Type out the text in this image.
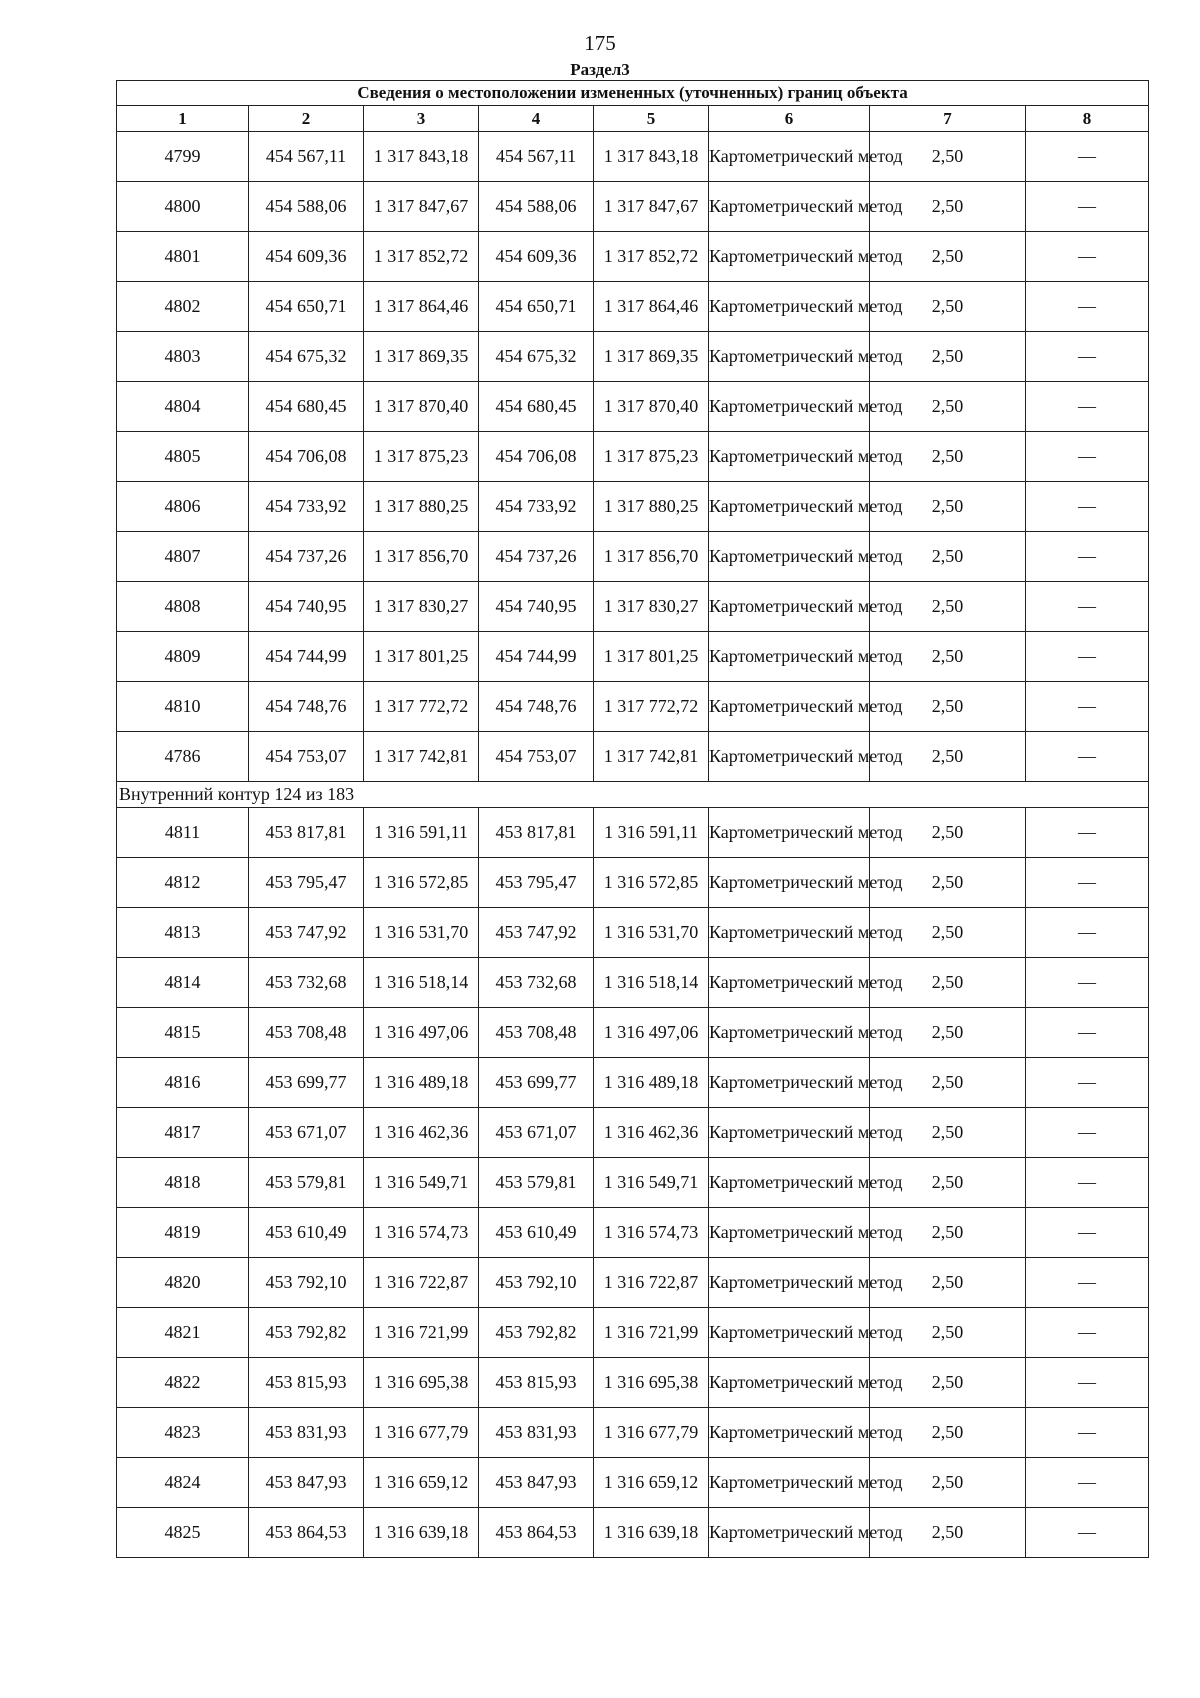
175
Раздел3
Сведения о местоположении измененных (уточненных) границ объекта							
1	2	3	4	5	6	7	8
4799	454 567,11	1 317 843,18	454 567,11	1 317 843,18	Картометрический метод	2,50	—
4800	454 588,06	1 317 847,67	454 588,06	1 317 847,67	Картометрический метод	2,50	—
4801	454 609,36	1 317 852,72	454 609,36	1 317 852,72	Картометрический метод	2,50	—
4802	454 650,71	1 317 864,46	454 650,71	1 317 864,46	Картометрический метод	2,50	—
4803	454 675,32	1 317 869,35	454 675,32	1 317 869,35	Картометрический метод	2,50	—
4804	454 680,45	1 317 870,40	454 680,45	1 317 870,40	Картометрический метод	2,50	—
4805	454 706,08	1 317 875,23	454 706,08	1 317 875,23	Картометрический метод	2,50	—
4806	454 733,92	1 317 880,25	454 733,92	1 317 880,25	Картометрический метод	2,50	—
4807	454 737,26	1 317 856,70	454 737,26	1 317 856,70	Картометрический метод	2,50	—
4808	454 740,95	1 317 830,27	454 740,95	1 317 830,27	Картометрический метод	2,50	—
4809	454 744,99	1 317 801,25	454 744,99	1 317 801,25	Картометрический метод	2,50	—
4810	454 748,76	1 317 772,72	454 748,76	1 317 772,72	Картометрический метод	2,50	—
4786	454 753,07	1 317 742,81	454 753,07	1 317 742,81	Картометрический метод	2,50	—
Внутренний контур 124 из 183							
4811	453 817,81	1 316 591,11	453 817,81	1 316 591,11	Картометрический метод	2,50	—
4812	453 795,47	1 316 572,85	453 795,47	1 316 572,85	Картометрический метод	2,50	—
4813	453 747,92	1 316 531,70	453 747,92	1 316 531,70	Картометрический метод	2,50	—
4814	453 732,68	1 316 518,14	453 732,68	1 316 518,14	Картометрический метод	2,50	—
4815	453 708,48	1 316 497,06	453 708,48	1 316 497,06	Картометрический метод	2,50	—
4816	453 699,77	1 316 489,18	453 699,77	1 316 489,18	Картометрический метод	2,50	—
4817	453 671,07	1 316 462,36	453 671,07	1 316 462,36	Картометрический метод	2,50	—
4818	453 579,81	1 316 549,71	453 579,81	1 316 549,71	Картометрический метод	2,50	—
4819	453 610,49	1 316 574,73	453 610,49	1 316 574,73	Картометрический метод	2,50	—
4820	453 792,10	1 316 722,87	453 792,10	1 316 722,87	Картометрический метод	2,50	—
4821	453 792,82	1 316 721,99	453 792,82	1 316 721,99	Картометрический метод	2,50	—
4822	453 815,93	1 316 695,38	453 815,93	1 316 695,38	Картометрический метод	2,50	—
4823	453 831,93	1 316 677,79	453 831,93	1 316 677,79	Картометрический метод	2,50	—
4824	453 847,93	1 316 659,12	453 847,93	1 316 659,12	Картометрический метод	2,50	—
4825	453 864,53	1 316 639,18	453 864,53	1 316 639,18	Картометрический метод	2,50	—
